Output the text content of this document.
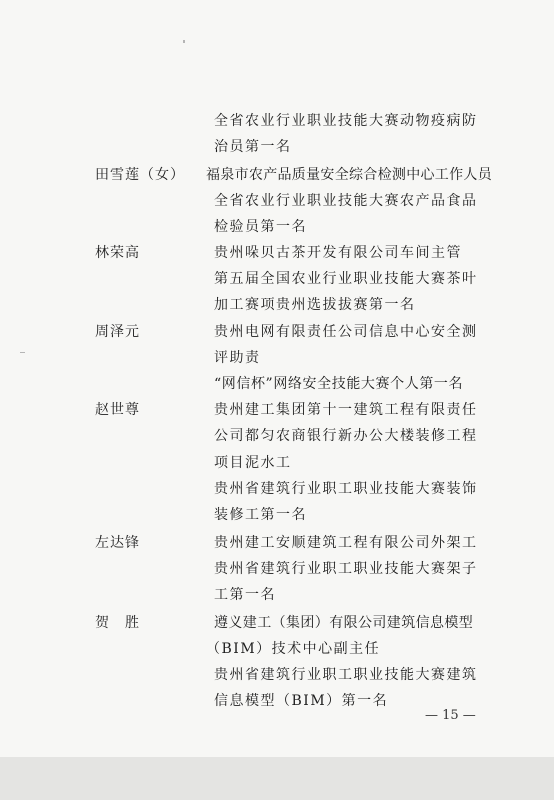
全省农业行业职业技能大赛动物疫病防
治员第一名
田雪莲（女） 福泉市农产品质量安全综合检测中心工作人员
全省农业行业职业技能大赛农产品食品
检验员第一名
林荣高	贵州哚贝古茶开发有限公司车间主管
第五届全国农业行业职业技能大赛茶叶
加工赛项贵州选拔拔赛第一名
周泽元	贵州电网有限责任公司信息中心安全测
评助责
“网信杯”网络安全技能大赛个人第一名
赵世尊	贵州建工集团第十一建筑工程有限责任
公司都匀农商银行新办公大楼装修工程
项目泥水工
贵州省建筑行业职工职业技能大赛装饰
装修工第一名
左达锋	贵州建工安顺建筑工程有限公司外架工
贵州省建筑行业职工职业技能大赛架子
工第一名
贺　胜	遵义建工（集团）有限公司建筑信息模型
（BIM）技术中心副主任
贵州省建筑行业职工职业技能大赛建筑
信息模型（BIM）第一名
— 15 —
